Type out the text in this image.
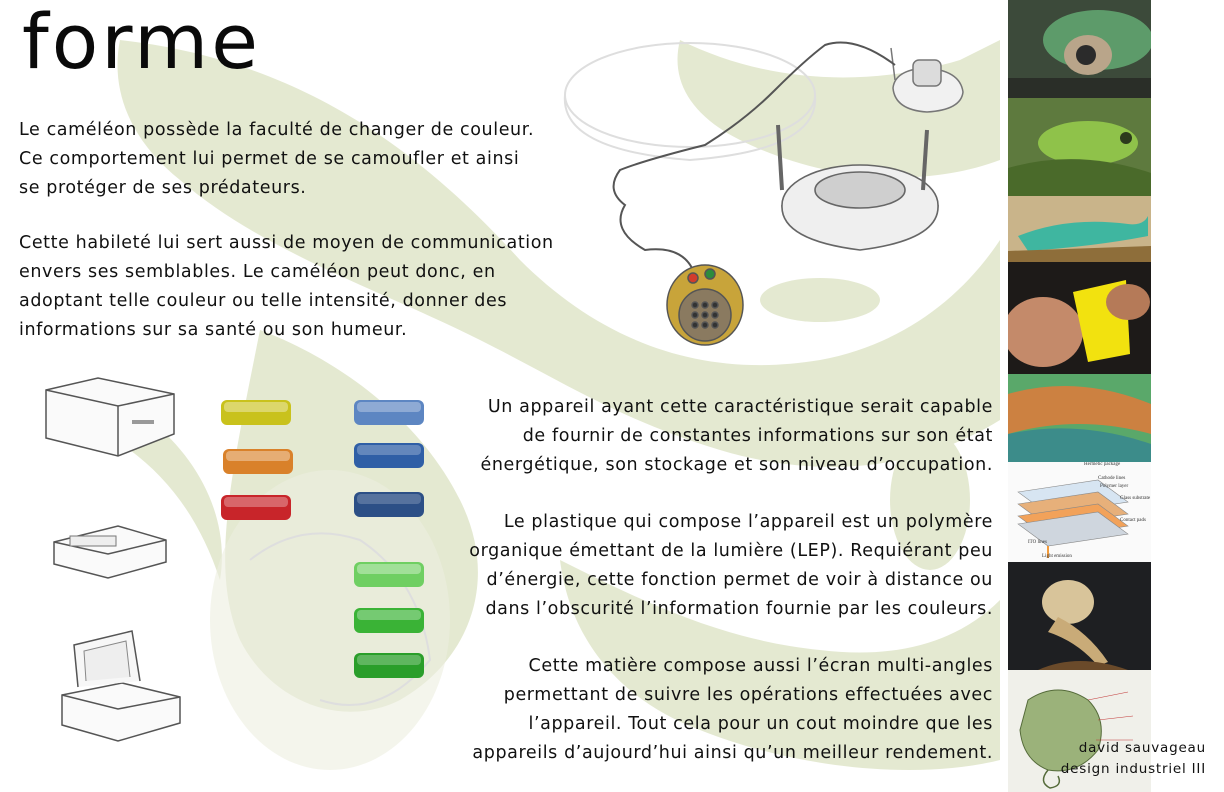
forme
Le caméléon possède la faculté de changer de couleur.
Ce comportement lui permet de se camoufler et ainsi
se protéger de ses prédateurs.
Cette habileté lui sert aussi de moyen de communication
envers ses semblables. Le caméléon peut donc, en
adoptant telle couleur ou telle intensité, donner des
informations sur sa santé ou son humeur.
Un appareil ayant cette caractéristique serait capable
de fournir de constantes informations sur son état
énergétique, son stockage et son niveau d’occupation.
Le plastique qui compose l’appareil est un polymère
organique émettant de la lumière (LEP). Requiérant peu
d’énergie, cette fonction permet de voir à distance ou
dans l’obscurité l’information fournie par les couleurs.
Cette matière compose aussi l’écran multi-angles
permettant de suivre les opérations effectuées avec
l’appareil. Tout cela pour un cout moindre que les
appareils d’aujourd’hui ainsi qu’un meilleur rendement.
Hermetic package
Cathode lines
Polymer layer
Glass substrate
Contact pads
ITO lines
Light emission
david sauvageau
design industriel III
